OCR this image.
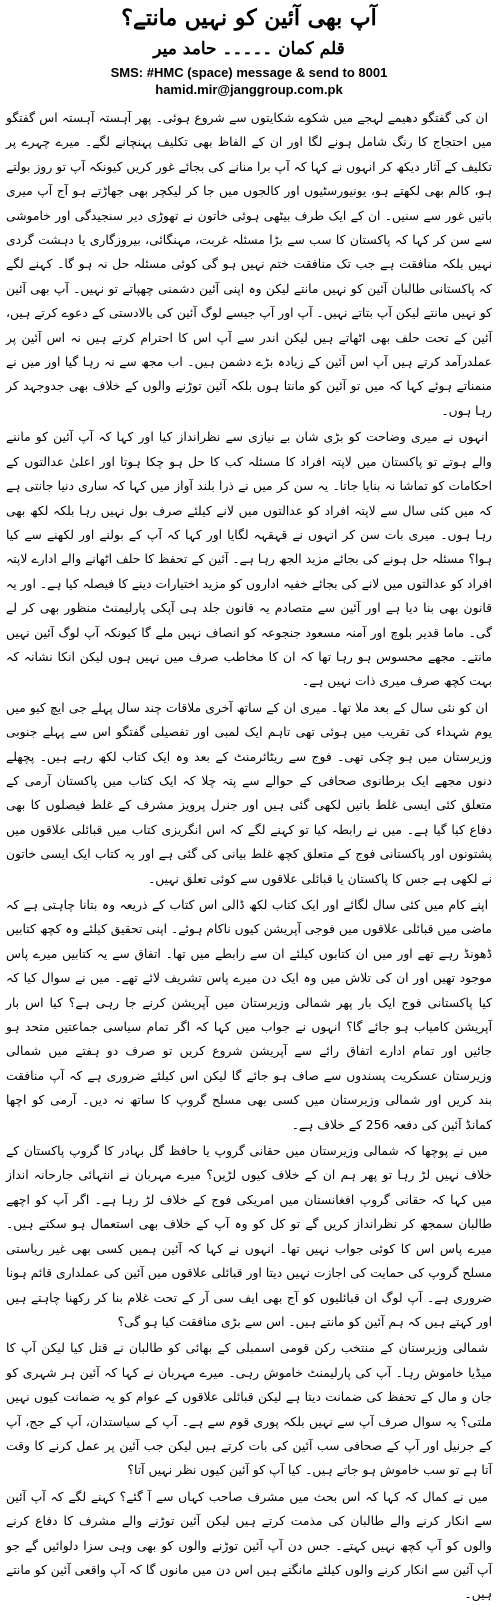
آپ بھی آئین کو نہیں مانتے؟
قلم کمان ۔۔۔۔۔ حامد میر
SMS: #HMC (space) message & send to 8001
hamid.mir@janggroup.com.pk

ان کی گفتگو دھیمے لہجے میں شکوے شکایتوں سے شروع ہوئی۔ پھر آہستہ آہستہ اس گفتگو میں احتجاج کا رنگ شامل ہونے لگا اور ان کے الفاظ بھی تکلیف پہنچانے لگے۔ میرے چہرے پر تکلیف کے آثار دیکھ کر انہوں نے کہا کہ آپ برا منانے کی بجائے غور کریں کیونکہ آپ تو روز بولتے ہو، کالم بھی لکھتے ہو، یونیورسٹیوں اور کالجوں میں جا کر لیکچر بھی جھاڑتے ہو آج آپ میری باتیں غور سے سنیں۔ ان کے ایک طرف بیٹھی ہوئی خاتون نے تھوڑی دیر سنجیدگی اور خاموشی سے سن کر کہا کہ پاکستان کا سب سے بڑا مسئلہ غربت، مہنگائی، بیروزگاری یا دہشت گردی نہیں بلکہ منافقت ہے جب تک منافقت ختم نہیں ہو گی کوئی مسئلہ حل نہ ہو گا۔ کہنے لگے کہ پاکستانی طالبان آئین کو نہیں مانتے لیکن وہ اپنی آئین دشمنی چھپاتے تو نہیں۔ آپ بھی آئین کو نہیں مانتے لیکن آپ بتاتے نہیں۔ آپ اور آپ جیسے لوگ آئین کی بالادستی کے دعوے کرتے ہیں، آئین کے تحت حلف بھی اٹھاتے ہیں لیکن اندر سے آپ اس کا احترام کرتے ہیں نہ اس آئین پر عملدرآمد کرتے ہیں آپ اس آئین کے زیادہ بڑے دشمن ہیں۔ اب مجھ سے نہ رہا گیا اور میں نے منمناتے ہوئے کہا کہ میں تو آئین کو مانتا ہوں بلکہ آئین توڑنے والوں کے خلاف بھی جدوجہد کر رہا ہوں۔

انہوں نے میری وضاحت کو بڑی شان بے نیازی سے نظرانداز کیا اور کہا کہ آپ آئین کو ماننے والے ہوتے تو پاکستان میں لاپتہ افراد کا مسئلہ کب کا حل ہو چکا ہوتا اور اعلیٰ عدالتوں کے احکامات کو تماشا نہ بنایا جاتا۔ یہ سن کر میں نے ذرا بلند آواز میں کہا کہ ساری دنیا جانتی ہے کہ میں کئی سال سے لاپتہ افراد کو عدالتوں میں لانے کیلئے صرف بول نہیں رہا بلکہ لکھ بھی رہا ہوں۔ میری بات سن کر انہوں نے قہقہہ لگایا اور کہا کہ آپ کے بولنے اور لکھنے سے کیا ہوا؟ مسئلہ حل ہونے کی بجائے مزید الجھ رہا ہے۔ آئین کے تحفظ کا حلف اٹھانے والے ادارے لاپتہ افراد کو عدالتوں میں لانے کی بجائے خفیہ اداروں کو مزید اختیارات دینے کا فیصلہ کیا ہے۔ اور یہ قانون بھی بنا دیا ہے اور آئین سے متصادم یہ قانون جلد ہی آپکی پارلیمنٹ منظور بھی کر لے گی۔ ماما قدیر بلوچ اور آمنہ مسعود جنجوعہ کو انصاف نہیں ملے گا کیونکہ آپ لوگ آئین نہیں مانتے۔ مجھے محسوس ہو رہا تھا کہ ان کا مخاطب صرف میں نہیں ہوں لیکن انکا نشانہ کہ بہت کچھ صرف میری ذات نہیں ہے۔

ان کو نئی سال کے بعد ملا تھا۔ میری ان کے ساتھ آخری ملاقات چند سال پہلے جی ایچ کیو میں یوم شہداء کی تقریب میں ہوئی تھی تاہم ایک لمبی اور تفصیلی گفتگو اس سے پہلے جنوبی وزیرستان میں ہو چکی تھی۔ فوج سے ریٹائرمنٹ کے بعد وہ ایک کتاب لکھ رہے ہیں۔ پچھلے دنوں مجھے ایک برطانوی صحافی کے حوالے سے پتہ چلا کہ ایک کتاب میں پاکستان آرمی کے متعلق کئی ایسی غلط باتیں لکھی گئی ہیں اور جنرل پرویز مشرف کے غلط فیصلوں کا بھی دفاع کیا گیا ہے۔ میں نے رابطہ کیا تو کہنے لگے کہ اس انگریزی کتاب میں قبائلی علاقوں میں پشتونوں اور پاکستانی فوج کے متعلق کچھ غلط بیانی کی گئی ہے اور یہ کتاب ایک ایسی خاتون نے لکھی ہے جس کا پاکستان یا قبائلی علاقوں سے کوئی تعلق نہیں۔

اپنے کام میں کئی سال لگائے اور ایک کتاب لکھ ڈالی اس کتاب کے ذریعہ وہ بتانا چاہتی ہے کہ ماضی میں قبائلی علاقوں میں فوجی آپریشن کیوں ناکام ہوئے۔ اپنی تحقیق کیلئے وہ کچھ کتابیں ڈھونڈ رہے تھے اور میں ان کتابوں کیلئے ان سے رابطے میں تھا۔ اتفاق سے یہ کتابیں میرے پاس موجود تھیں اور ان کی تلاش میں وہ ایک دن میرے پاس تشریف لائے تھے۔ میں نے سوال کیا کہ کیا پاکستانی فوج ایک بار پھر شمالی وزیرستان میں آپریشن کرنے جا رہی ہے؟ کیا اس بار آپریشن کامیاب ہو جائے گا؟ انہوں نے جواب میں کہا کہ اگر تمام سیاسی جماعتیں متحد ہو جائیں اور تمام ادارے اتفاق رائے سے آپریشن شروع کریں تو صرف دو ہفتے میں شمالی وزیرستان عسکریت پسندوں سے صاف ہو جائے گا لیکن اس کیلئے ضروری ہے کہ آپ منافقت بند کریں اور شمالی وزیرستان میں کسی بھی مسلح گروپ کا ساتھ نہ دیں۔ آرمی کو اچھا کمانڈ آئین کی دفعہ 256 کے خلاف ہے۔

میں نے پوچھا کہ شمالی وزیرستان میں حقانی گروپ یا حافظ گل بہادر کا گروپ پاکستان کے خلاف نہیں لڑ رہا تو پھر ہم ان کے خلاف کیوں لڑیں؟ میرے مہربان نے انتہائی جارحانہ انداز میں کہا کہ حقانی گروپ افغانستان میں امریکی فوج کے خلاف لڑ رہا ہے۔ اگر آپ کو اچھے طالبان سمجھ کر نظرانداز کریں گے تو کل کو وہ آپ کے خلاف بھی استعمال ہو سکتے ہیں۔ میرے پاس اس کا کوئی جواب نہیں تھا۔ انہوں نے کہا کہ آئین ہمیں کسی بھی غیر ریاستی مسلح گروپ کی حمایت کی اجازت نہیں دیتا اور قبائلی علاقوں میں آئین کی عملداری قائم ہونا ضروری ہے۔ آپ لوگ ان قبائلیوں کو آج بھی ایف سی آر کے تحت غلام بنا کر رکھنا چاہتے ہیں اور کہتے ہیں کہ ہم آئین کو مانتے ہیں۔ اس سے بڑی منافقت کیا ہو گی؟

شمالی وزیرستان کے منتخب رکن قومی اسمبلی کے بھائی کو طالبان نے قتل کیا لیکن آپ کا میڈیا خاموش رہا۔ آپ کی پارلیمنٹ خاموش رہی۔ میرے مہربان نے کہا کہ آئین ہر شہری کو جان و مال کے تحفظ کی ضمانت دیتا ہے لیکن قبائلی علاقوں کے عوام کو یہ ضمانت کیوں نہیں ملتی؟ یہ سوال صرف آپ سے نہیں بلکہ پوری قوم سے ہے۔ آپ کے سیاستدان، آپ کے جج، آپ کے جرنیل اور آپ کے صحافی سب آئین کی بات کرتے ہیں لیکن جب آئین پر عمل کرنے کا وقت آتا ہے تو سب خاموش ہو جاتے ہیں۔ کیا آپ کو آئین کیوں نظر نہیں آتا؟

میں نے کمال کہ کہا کہ اس بحث میں مشرف صاحب کہاں سے آ گئے؟ کہنے لگے کہ آپ آئین سے انکار کرنے والے طالبان کی مذمت کرتے ہیں لیکن آئین توڑنے والے مشرف کا دفاع کرنے والوں کو آپ کچھ نہیں کہتے۔ جس دن آپ آئین توڑنے والوں کو بھی وہی سزا دلوائیں گے جو آپ آئین سے انکار کرنے والوں کیلئے مانگتے ہیں اس دن میں مانوں گا کہ آپ واقعی آئین کو مانتے ہیں۔
